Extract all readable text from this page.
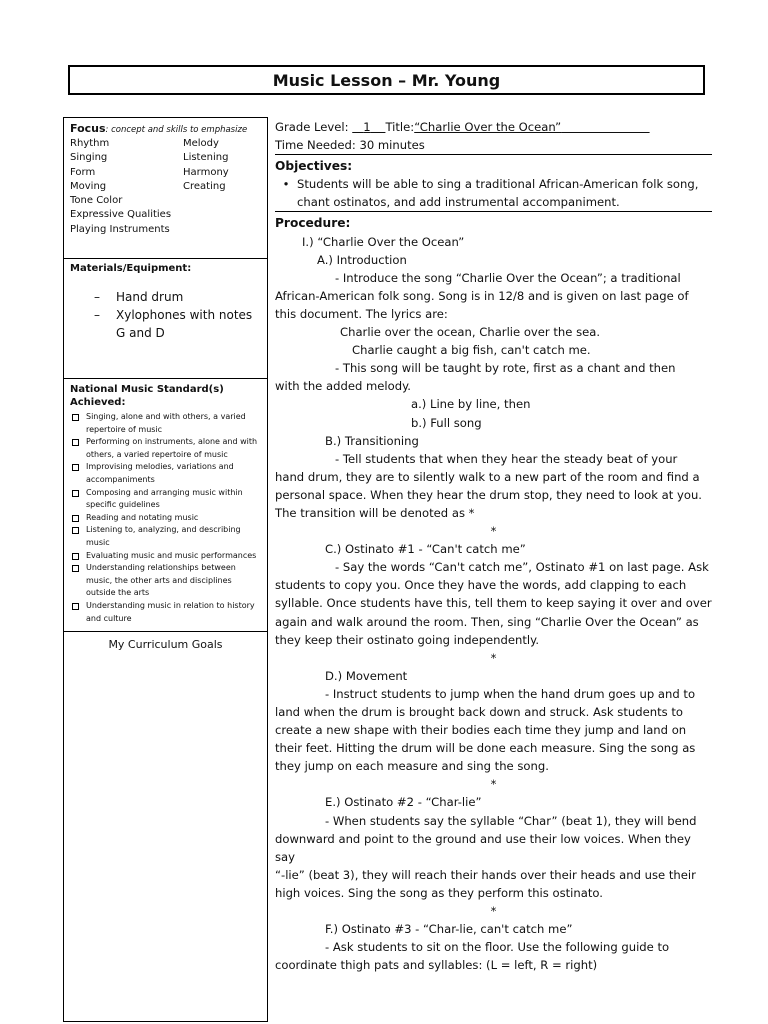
Music Lesson – Mr. Young
Focus: concept and skills to emphasize
Rhythm	Melody
Singing	Listening
Form	Harmony
Moving	Creating
Tone Color
Expressive Qualities
Playing Instruments
Materials/Equipment:
– Hand drum
– Xylophones with notes G and D
National Music Standard(s) Achieved:
Singing, alone and with others, a varied repertoire of music
Performing on instruments, alone and with others, a varied repertoire of music
Improvising melodies, variations and accompaniments
Composing and arranging music within specific guidelines
Reading and notating music
Listening to, analyzing, and describing music
Evaluating music and music performances
Understanding relationships between music, the other arts and disciplines outside the arts
Understanding music in relation to history and culture
My Curriculum Goals

Grade Level: 1 Title:“Charlie Over the Ocean”

Time Needed: 30 minutes

Objectives:

• Students will be able to sing a traditional African-American folk song, chant ostinatos, and add instrumental accompaniment.

Procedure:

I.) “Charlie Over the Ocean”

A.) Introduction

- Introduce the song “Charlie Over the Ocean”; a traditional

African-American folk song. Song is in 12/8 and is given on last page of

this document. The lyrics are:

Charlie over the ocean, Charlie over the sea.

Charlie caught a big fish, can't catch me.

- This song will be taught by rote, first as a chant and then

with the added melody.

a.) Line by line, then

b.) Full song

B.) Transitioning

- Tell students that when they hear the steady beat of your

hand drum, they are to silently walk to a new part of the room and find a

personal space. When they hear the drum stop, they need to look at you.

The transition will be denoted as *

*

C.) Ostinato #1 - “Can't catch me”

- Say the words “Can't catch me”, Ostinato #1 on last page. Ask

students to copy you. Once they have the words, add clapping to each

syllable. Once students have this, tell them to keep saying it over and over

again and walk around the room. Then, sing “Charlie Over the Ocean” as

they keep their ostinato going independently.

*

D.) Movement

- Instruct students to jump when the hand drum goes up and to

land when the drum is brought back down and struck. Ask students to

create a new shape with their bodies each time they jump and land on

their feet. Hitting the drum will be done each measure. Sing the song as

they jump on each measure and sing the song.

*

E.) Ostinato #2 - “Char-lie”

- When students say the syllable “Char” (beat 1), they will bend

downward and point to the ground and use their low voices. When they say

“-lie” (beat 3), they will reach their hands over their heads and use their

high voices. Sing the song as they perform this ostinato.

*

F.) Ostinato #3 - “Char-lie, can't catch me”

- Ask students to sit on the floor. Use the following guide to

coordinate thigh pats and syllables: (L = left, R = right)
